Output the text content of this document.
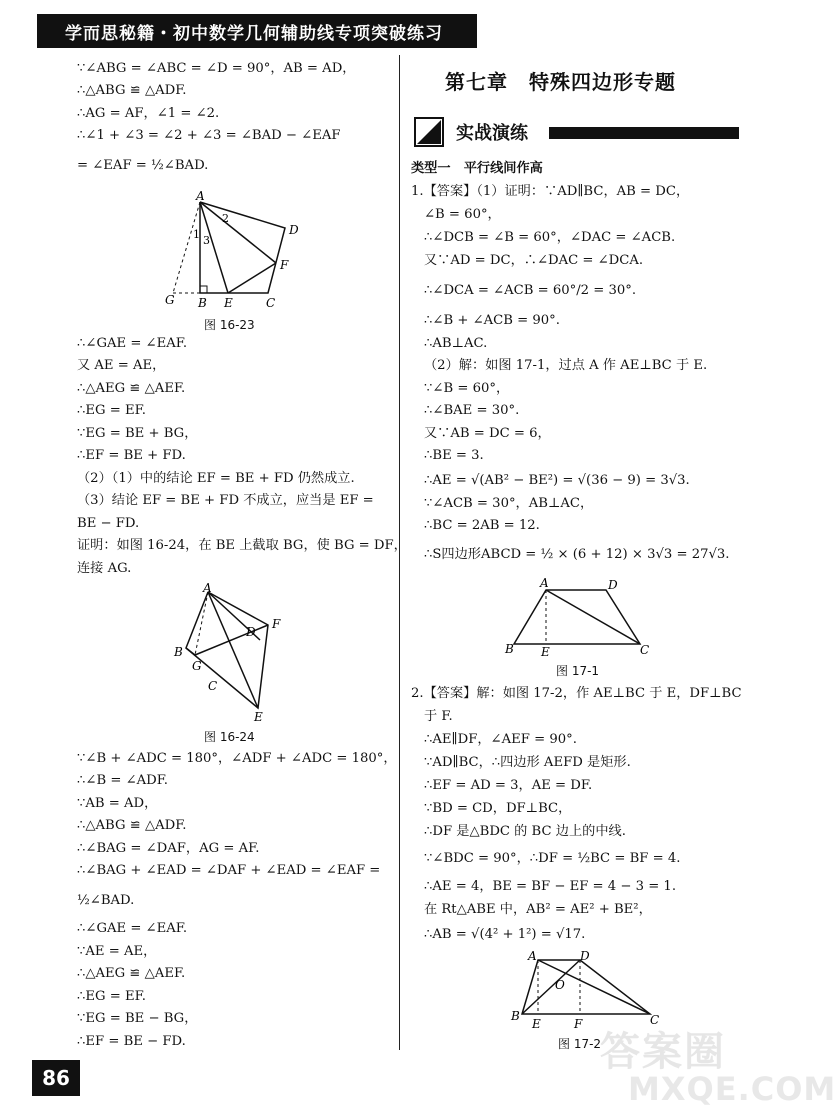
学而思秘籍・初中数学几何辅助线专项突破练习
∵∠ABG = ∠ABC = ∠D = 90°，AB = AD，
∴△ABG ≌ △ADF.
∴AG = AF，∠1 = ∠2.
∴∠1 + ∠3 = ∠2 + ∠3 = ∠BAD − ∠EAF
= ∠EAF = ½∠BAD.
A
B	C
D
E
F
G
1
2
3
图 16-23
∴∠GAE = ∠EAF.
又 AE = AE，
∴△AEG ≌ △AEF.
∴EG = EF.
∵EG = BE + BG，
∴EF = BE + FD.
（2）（1）中的结论 EF = BE + FD 仍然成立.
（3）结论 EF = BE + FD 不成立，应当是 EF =
BE − FD.
证明：如图 16-24，在 BE 上截取 BG，使 BG = DF，
连接 AG.
A
B
C
D
E
F
G
图 16-24
∵∠B + ∠ADC = 180°，∠ADF + ∠ADC = 180°，
∴∠B = ∠ADF.
∵AB = AD，
∴△ABG ≌ △ADF.
∴∠BAG = ∠DAF，AG = AF.
∴∠BAG + ∠EAD = ∠DAF + ∠EAD = ∠EAF =
½∠BAD.
∴∠GAE = ∠EAF.
∵AE = AE，
∴△AEG ≌ △AEF.
∴EG = EF.
∵EG = BE − BG，
∴EF = BE − FD.
第七章　特殊四边形专题
实战演练
类型一　平行线间作高
1.【答案】（1）证明：∵AD∥BC，AB = DC，
∠B = 60°，
∴∠DCB = ∠B = 60°，∠DAC = ∠ACB.
又∵AD = DC，∴∠DAC = ∠DCA.
∴∠DCA = ∠ACB = 60°/2 = 30°.
∴∠B + ∠ACB = 90°.
∴AB⊥AC.
（2）解：如图 17-1，过点 A 作 AE⊥BC 于 E.
∵∠B = 60°，
∴∠BAE = 30°.
又∵AB = DC = 6，
∴BE = 3.
∴AE = √(AB² − BE²) = √(36 − 9) = 3√3.
∵∠ACB = 30°，AB⊥AC，
∴BC = 2AB = 12.
∴S四边形ABCD = ½ × (6 + 12) × 3√3 = 27√3.
A
B	C
D
E
图 17-1
2.【答案】解：如图 17-2，作 AE⊥BC 于 E，DF⊥BC
于 F.
∴AE∥DF，∠AEF = 90°.
∵AD∥BC，∴四边形 AEFD 是矩形.
∴EF = AD = 3，AE = DF.
∵BD = CD，DF⊥BC，
∴DF 是△BDC 的 BC 边上的中线.
∵∠BDC = 90°，∴DF = ½BC = BF = 4.
∴AE = 4，BE = BF − EF = 4 − 3 = 1.
在 Rt△ABE 中，AB² = AE² + BE²，
∴AB = √(4² + 1²) = √17.
A
B	C
D
E	F
O
图 17-2
答案圈
MXQE.COM
86
